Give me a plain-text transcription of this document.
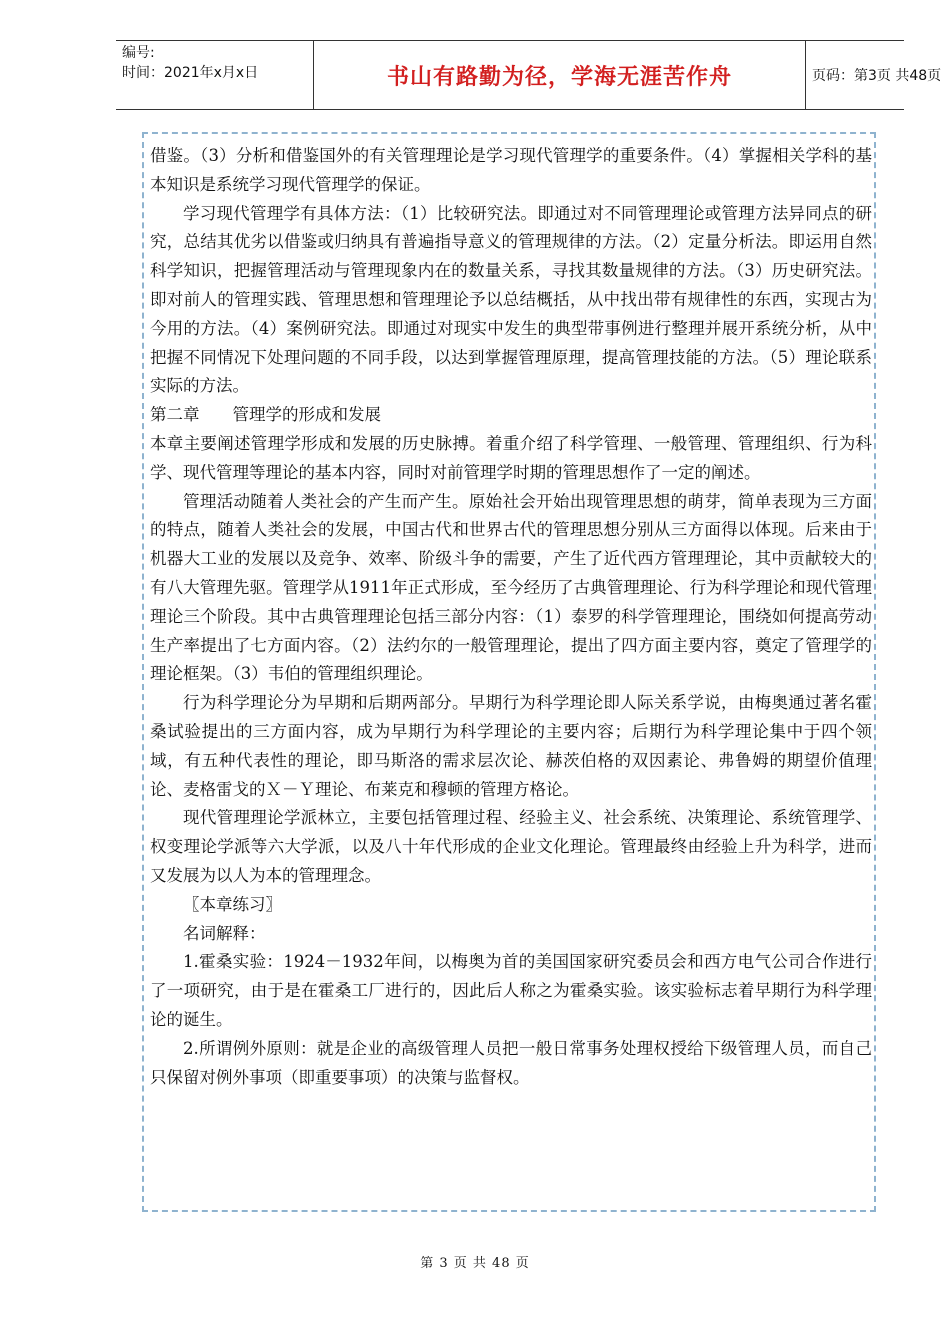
编号:
时间：2021年x月x日	书山有路勤为径，学海无涯苦作舟	页码：第3页 共48页

借鉴。（3）分析和借鉴国外的有关管理理论是学习现代管理学的重要条件。（4）掌握相关学科的基本知识是系统学习现代管理学的保证。

学习现代管理学有具体方法：（1）比较研究法。即通过对不同管理理论或管理方法异同点的研究，总结其优劣以借鉴或归纳具有普遍指导意义的管理规律的方法。（2）定量分析法。即运用自然科学知识，把握管理活动与管理现象内在的数量关系，寻找其数量规律的方法。（3）历史研究法。即对前人的管理实践、管理思想和管理理论予以总结概括，从中找出带有规律性的东西，实现古为今用的方法。（4）案例研究法。即通过对现实中发生的典型带事例进行整理并展开系统分析，从中把握不同情况下处理问题的不同手段，以达到掌握管理原理，提高管理技能的方法。（5）理论联系实际的方法。

第二章　　管理学的形成和发展

本章主要阐述管理学形成和发展的历史脉搏。着重介绍了科学管理、一般管理、管理组织、行为科学、现代管理等理论的基本内容，同时对前管理学时期的管理思想作了一定的阐述。

管理活动随着人类社会的产生而产生。原始社会开始出现管理思想的萌芽，简单表现为三方面的特点，随着人类社会的发展，中国古代和世界古代的管理思想分别从三方面得以体现。后来由于机器大工业的发展以及竞争、效率、阶级斗争的需要，产生了近代西方管理理论，其中贡献较大的有八大管理先驱。管理学从1911年正式形成，至今经历了古典管理理论、行为科学理论和现代管理理论三个阶段。其中古典管理理论包括三部分内容：（1）泰罗的科学管理理论，围绕如何提高劳动生产率提出了七方面内容。（2）法约尔的一般管理理论，提出了四方面主要内容，奠定了管理学的理论框架。（3）韦伯的管理组织理论。

行为科学理论分为早期和后期两部分。早期行为科学理论即人际关系学说，由梅奥通过著名霍桑试验提出的三方面内容，成为早期行为科学理论的主要内容；后期行为科学理论集中于四个领域，有五种代表性的理论，即马斯洛的需求层次论、赫茨伯格的双因素论、弗鲁姆的期望价值理论、麦格雷戈的Ｘ－Ｙ理论、布莱克和穆顿的管理方格论。

现代管理理论学派林立，主要包括管理过程、经验主义、社会系统、决策理论、系统管理学、权变理论学派等六大学派，以及八十年代形成的企业文化理论。管理最终由经验上升为科学，进而又发展为以人为本的管理理念。

〖本章练习〗

名词解释：

1.霍桑实验：1924－1932年间，以梅奥为首的美国国家研究委员会和西方电气公司合作进行了一项研究，由于是在霍桑工厂进行的，因此后人称之为霍桑实验。该实验标志着早期行为科学理论的诞生。

2.所谓例外原则：就是企业的高级管理人员把一般日常事务处理权授给下级管理人员，而自己只保留对例外事项（即重要事项）的决策与监督权。

第 3 页 共 48 页
